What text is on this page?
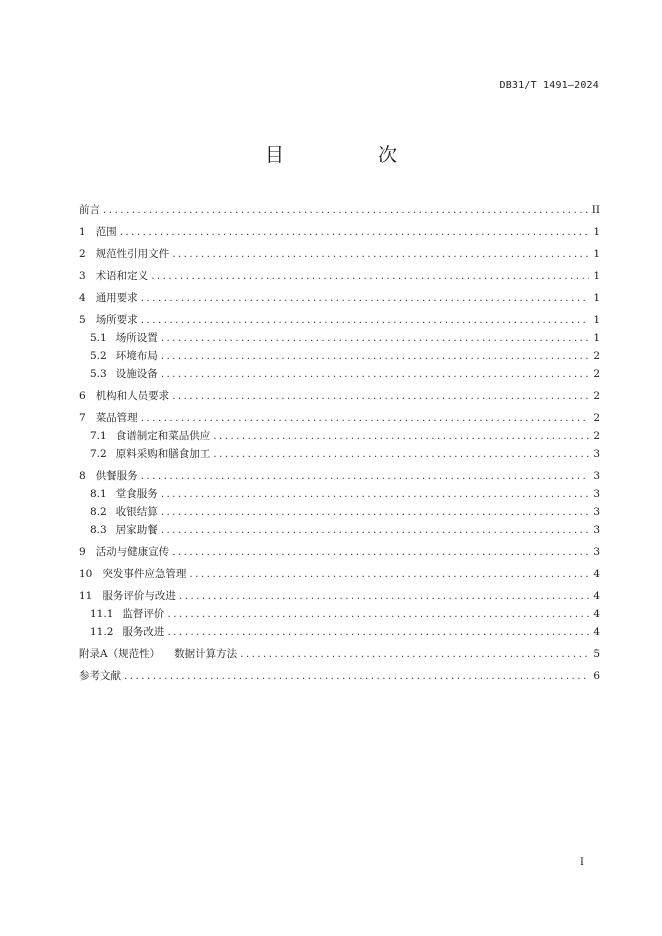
DB31/T 1491—2024
目 次
前言 .....	II
1 范围 .....	1
2 规范性引用文件 .....	1
3 术语和定义 .....	1
4 通用要求 .....	1
5 场所要求 .....	1
5.1 场所设置 .....	1
5.2 环境布局 .....	2
5.3 设施设备 .....	2
6 机构和人员要求 .....	2
7 菜品管理 .....	2
7.1 食谱制定和菜品供应 .....	2
7.2 原料采购和膳食加工 .....	3
8 供餐服务 .....	3
8.1 堂食服务 .....	3
8.2 收银结算 .....	3
8.3 居家助餐 .....	3
9 活动与健康宣传 .....	3
10 突发事件应急管理 .....	4
11 服务评价与改进 .....	4
11.1 监督评价 .....	4
11.2 服务改进 .....	4
附录A（规范性） 数据计算方法 .....	5
参考文献 .....	6
I
